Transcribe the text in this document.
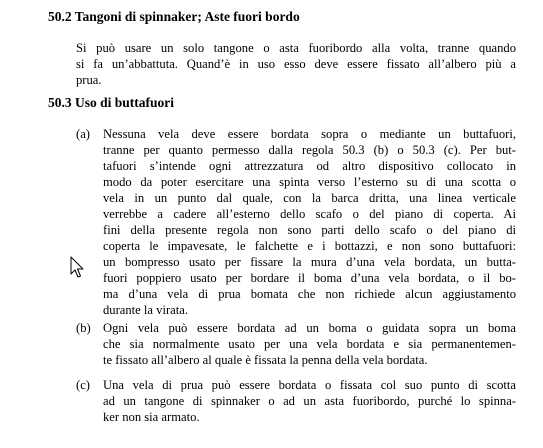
50.2 Tangoni di spinnaker; Aste fuori bordo
Si può usare un solo tangone o asta fuoribordo alla volta, tranne quando
si fa un’abbattuta. Quand’è in uso esso deve essere fissato all’albero più a
prua.
50.3 Uso di buttafuori
(a) Nessuna vela deve essere bordata sopra o mediante un buttafuori,
tranne per quanto permesso dalla regola 50.3 (b) o 50.3 (c). Per but-
tafuori s’intende ogni attrezzatura od altro dispositivo collocato in
modo da poter esercitare una spinta verso l’esterno su di una scotta o
vela in un punto dal quale, con la barca dritta, una linea verticale
verrebbe a cadere all’esterno dello scafo o del piano di coperta. Ai
fini della presente regola non sono parti dello scafo o del piano di
coperta le impavesate, le falchette e i bottazzi, e non sono buttafuori:
un bompresso usato per fissare la mura d’una vela bordata, un butta-
fuori poppiero usato per bordare il boma d’una vela bordata, o il bo-
ma d’una vela di prua bomata che non richiede alcun aggiustamento
durante la virata.
(b) Ogni vela può essere bordata ad un boma o guidata sopra un boma
che sia normalmente usato per una vela bordata e sia permanentemen-
te fissato all’albero al quale è fissata la penna della vela bordata.
(c) Una vela di prua può essere bordata o fissata col suo punto di scotta
ad un tangone di spinnaker o ad un asta fuoribordo, purché lo spinna-
ker non sia armato.
